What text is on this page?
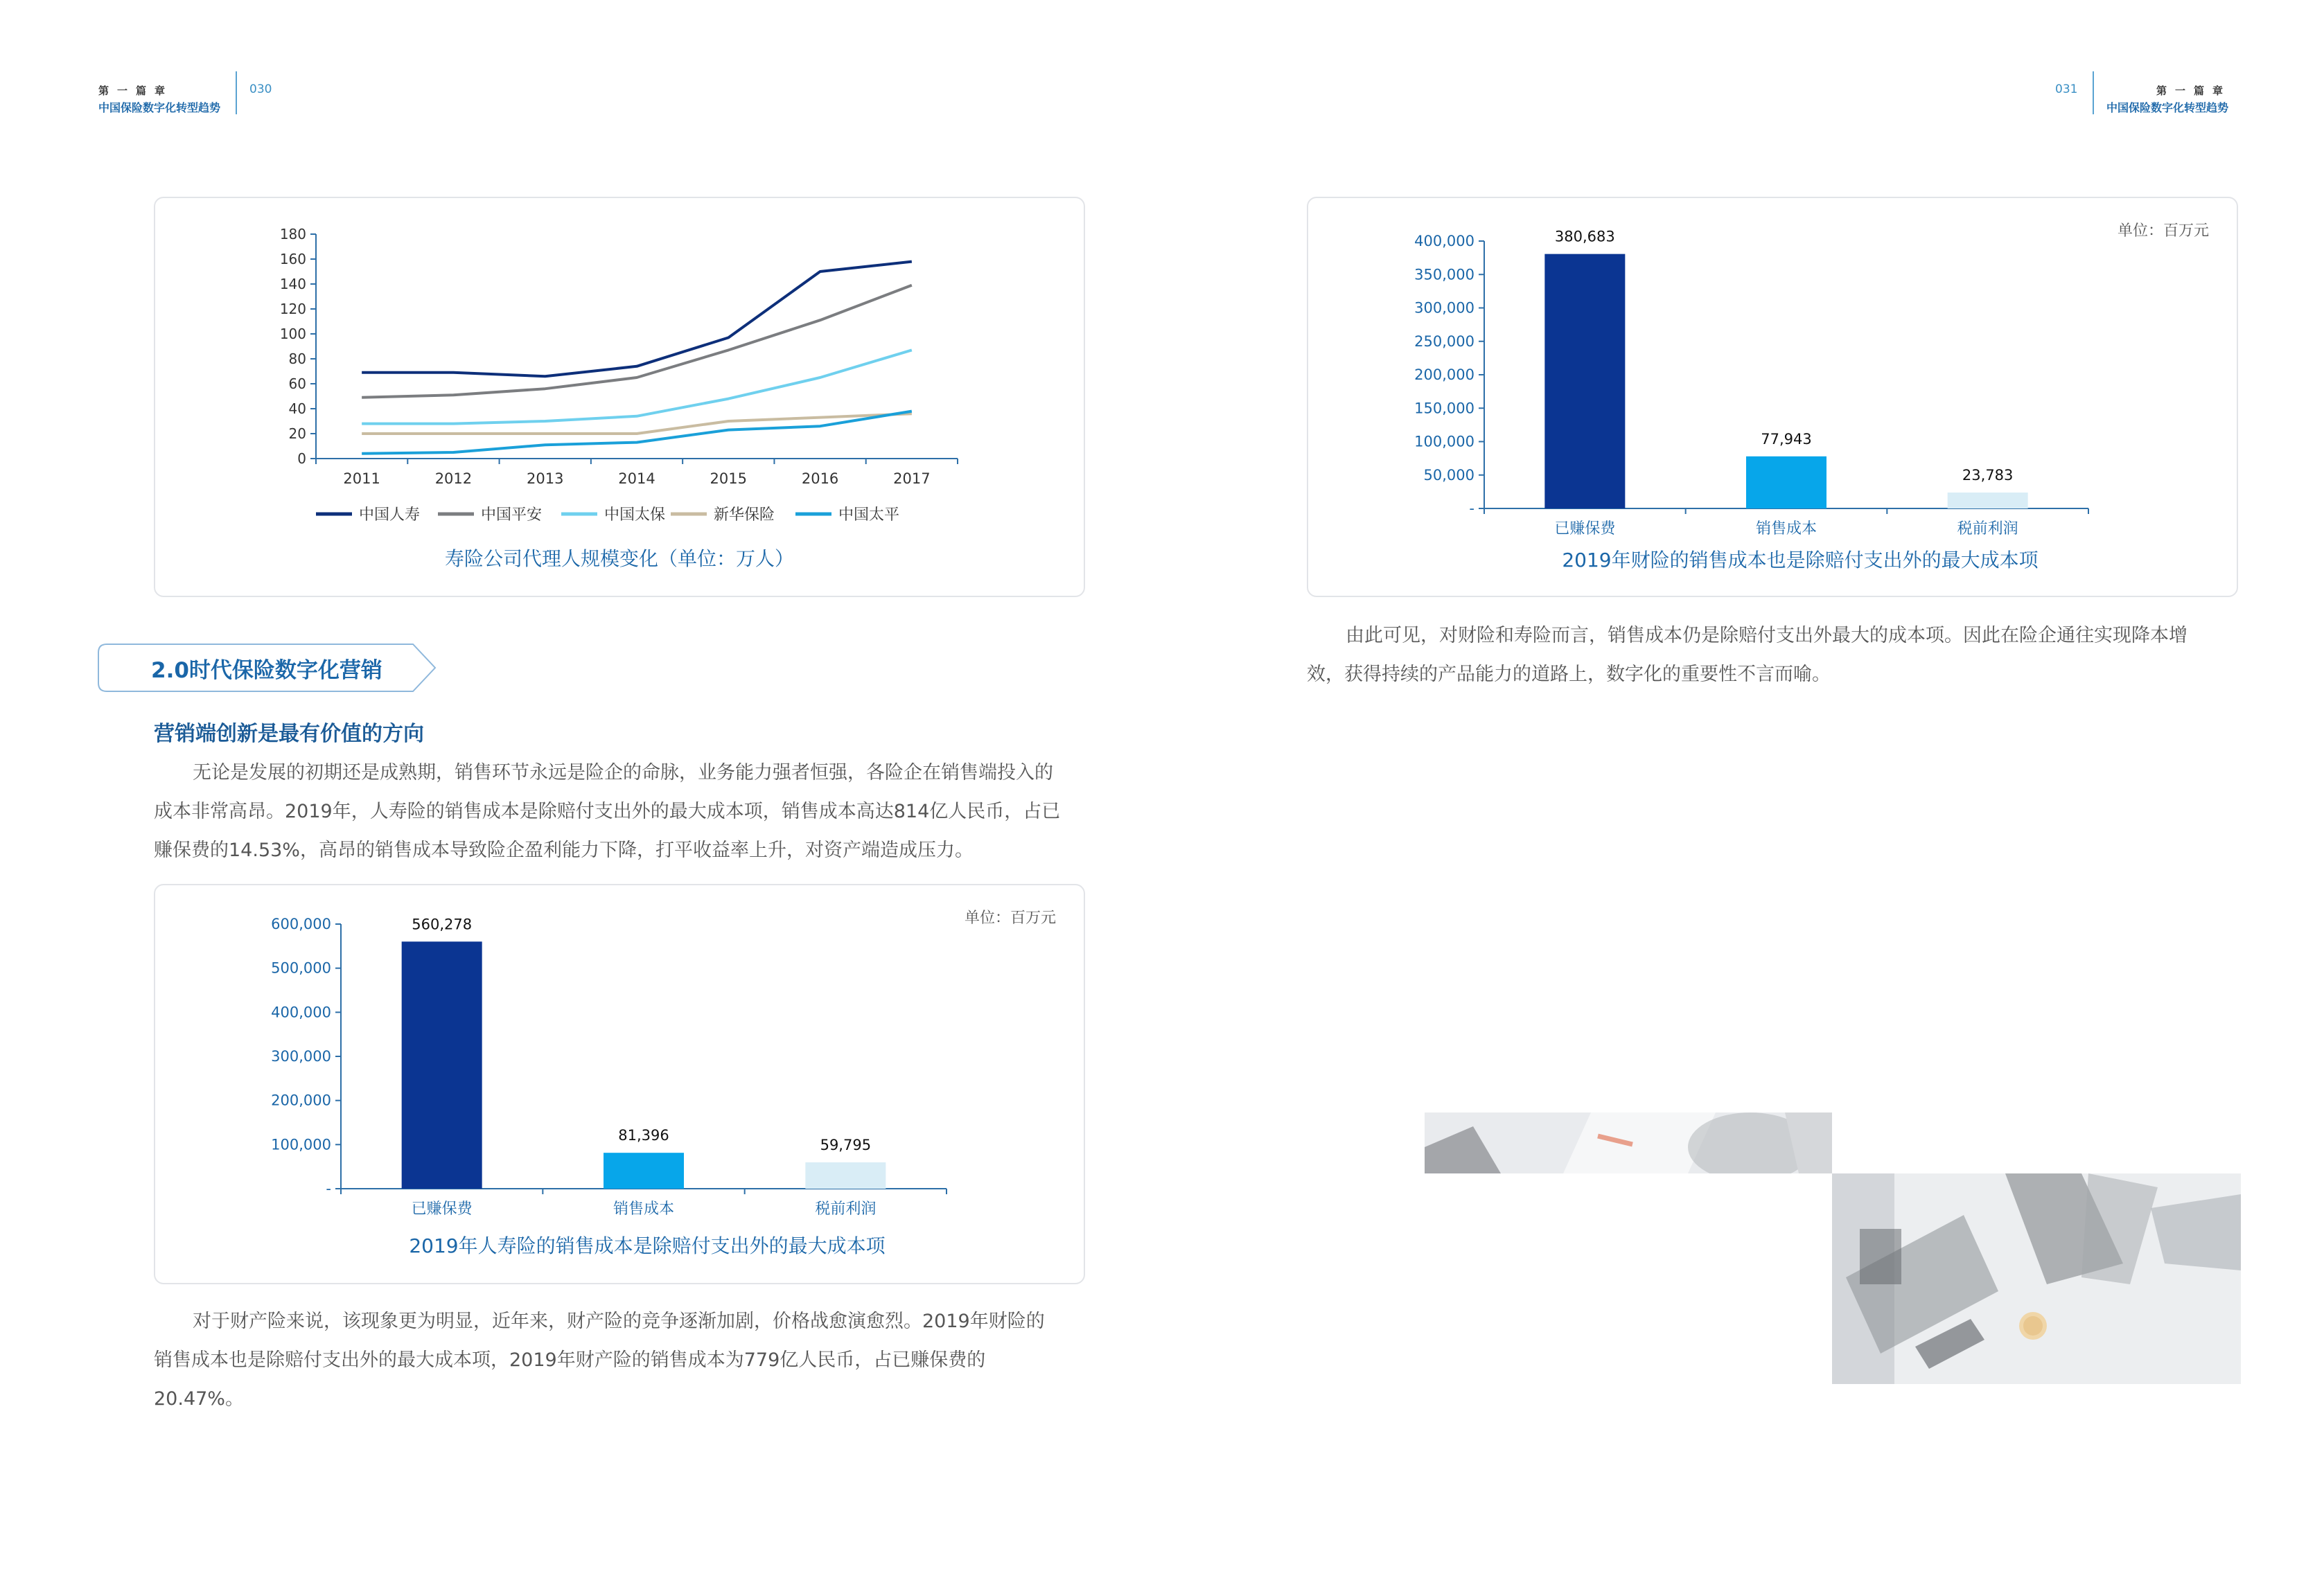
第一篇章
中国保险数字化转型趋势
030	031	第一篇章
中国保险数字化转型趋势
0
20
40
60
80
100
120
140
160
180
2011	2012	2013	2014	2015	2016	2017
中国人寿	中国平安	中国太保	新华保险	中国太平
寿险公司代理人规模变化（单位：万人）
2.0时代保险数字化营销
营销端创新是最有价值的方向
无论是发展的初期还是成熟期，销售环节永远是险企的命脉，业务能力强者恒强，各险企在销售端投入的
成本非常高昂。2019年，人寿险的销售成本是除赔付支出外的最大成本项，销售成本高达814亿人民币，占已
赚保费的14.53%，高昂的销售成本导致险企盈利能力下降，打平收益率上升，对资产端造成压力。
-
100,000
200,000
300,000
400,000
500,000
600,000	560,278
已赚保费
81,396
销售成本
59,795
税前利润
单位：百万元
2019年人寿险的销售成本是除赔付支出外的最大成本项
对于财产险来说，该现象更为明显，近年来，财产险的竞争逐渐加剧，价格战愈演愈烈。2019年财险的
销售成本也是除赔付支出外的最大成本项，2019年财产险的销售成本为779亿人民币，占已赚保费的
20.47%。
-
50,000
100,000
150,000
200,000
250,000
300,000
350,000
400,000	380,683
已赚保费
77,943
销售成本
23,783
税前利润
单位：百万元
2019年财险的销售成本也是除赔付支出外的最大成本项
由此可见，对财险和寿险而言，销售成本仍是除赔付支出外最大的成本项。因此在险企通往实现降本增
效，获得持续的产品能力的道路上，数字化的重要性不言而喻。
